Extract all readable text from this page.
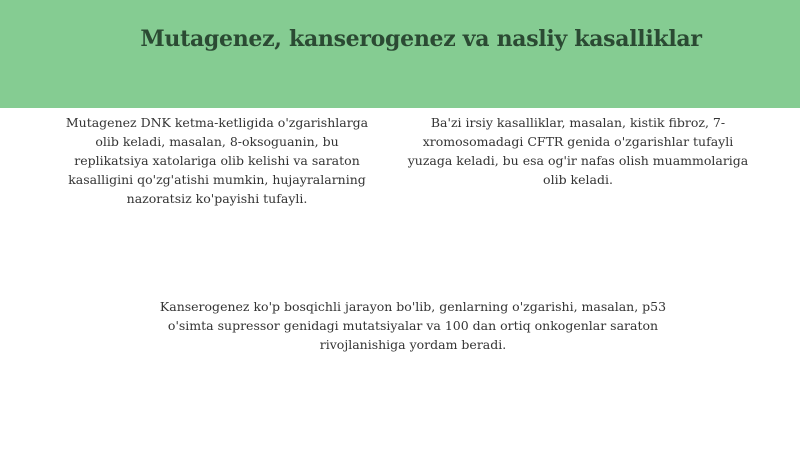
Mutagenez, kanserogenez va nasliy kasalliklar

Mutagenez DNK ketma-ketligida o'zgarishlarga olib keladi, masalan, 8-oksoguanin, bu replikatsiya xatolariga olib kelishi va saraton kasalligini qo'zg'atishi mumkin, hujayralarning nazoratsiz ko'payishi tufayli.

Ba'zi irsiy kasalliklar, masalan, kistik fibroz, 7-xromosomadagi CFTR genida o'zgarishlar tufayli yuzaga keladi, bu esa og'ir nafas olish muammolariga olib keladi.

Kanserogenez ko'p bosqichli jarayon bo'lib, genlarning o'zgarishi, masalan, p53 o'simta supressor genidagi mutatsiyalar va 100 dan ortiq onkogenlar saraton rivojlanishiga yordam beradi.
